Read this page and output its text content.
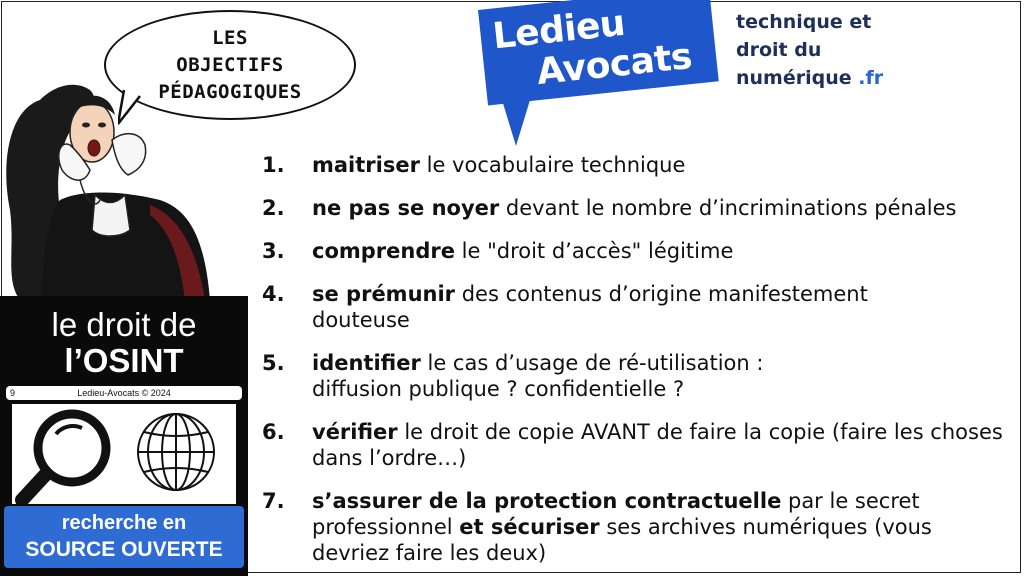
LES
OBJECTIFS
PÉDAGOGIQUES
Ledieu
Avocats
technique et
droit du
numérique .fr
1. maitriser le vocabulaire technique
2. ne pas se noyer devant le nombre d’incriminations pénales
3. comprendre le "droit d’accès" légitime
4. se prémunir des contenus d’origine manifestement douteuse
5. identifier le cas d’usage de ré-utilisation :
diffusion publique ? confidentielle ?
6. vérifier le droit de copie AVANT de faire la copie (faire les choses dans l’ordre…)
7. s’assurer de la protection contractuelle par le secret professionnel et sécuriser ses archives numériques (vous devriez faire les deux)
le droit de
l’OSINT
9	Ledieu-Avocats © 2024
recherche en
SOURCE OUVERTE
